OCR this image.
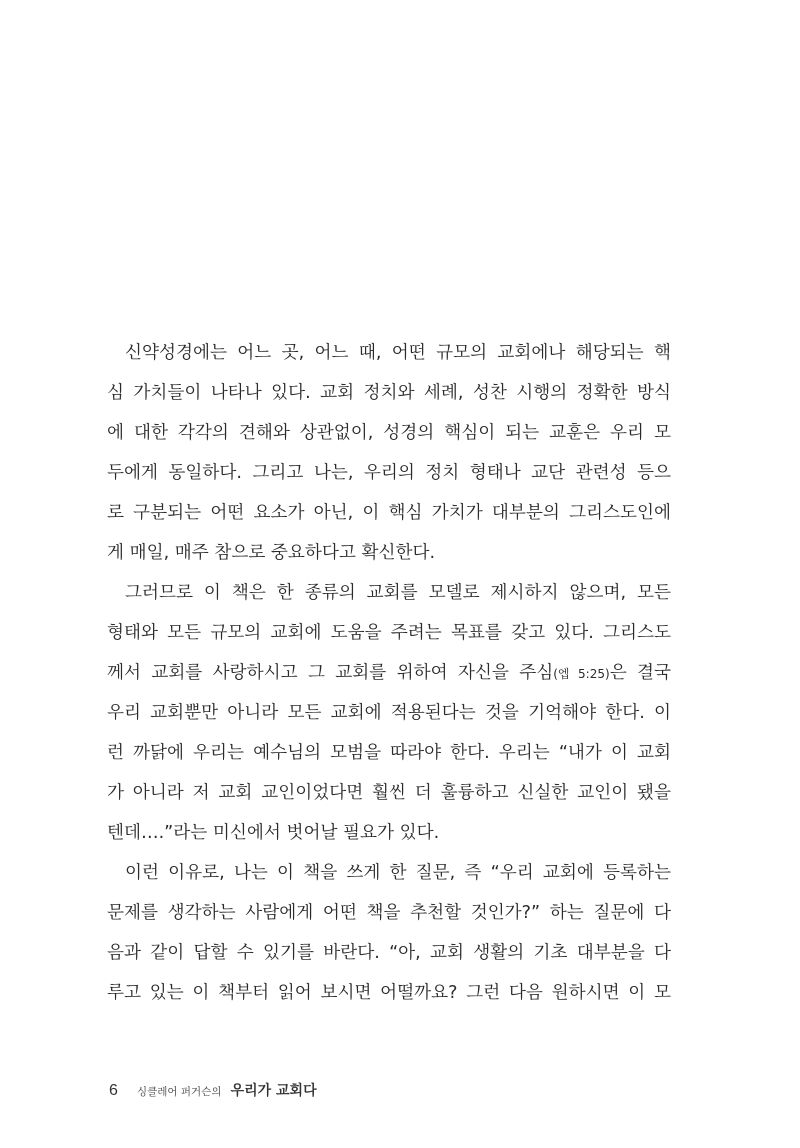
신약성경에는 어느 곳, 어느 때, 어떤 규모의 교회에나 해당되는 핵
심 가치들이 나타나 있다. 교회 정치와 세례, 성찬 시행의 정확한 방식
에 대한 각각의 견해와 상관없이, 성경의 핵심이 되는 교훈은 우리 모
두에게 동일하다. 그리고 나는, 우리의 정치 형태나 교단 관련성 등으
로 구분되는 어떤 요소가 아닌, 이 핵심 가치가 대부분의 그리스도인에
게 매일, 매주 참으로 중요하다고 확신한다.
그러므로 이 책은 한 종류의 교회를 모델로 제시하지 않으며, 모든
형태와 모든 규모의 교회에 도움을 주려는 목표를 갖고 있다. 그리스도
께서 교회를 사랑하시고 그 교회를 위하여 자신을 주심(엡 5:25)은 결국
우리 교회뿐만 아니라 모든 교회에 적용된다는 것을 기억해야 한다. 이
런 까닭에 우리는 예수님의 모범을 따라야 한다. 우리는 “내가 이 교회
가 아니라 저 교회 교인이었다면 훨씬 더 훌륭하고 신실한 교인이 됐을
텐데….”라는 미신에서 벗어날 필요가 있다.
이런 이유로, 나는 이 책을 쓰게 한 질문, 즉 “우리 교회에 등록하는
문제를 생각하는 사람에게 어떤 책을 추천할 것인가?” 하는 질문에 다
음과 같이 답할 수 있기를 바란다. “아, 교회 생활의 기초 대부분을 다
루고 있는 이 책부터 읽어 보시면 어떨까요? 그런 다음 원하시면 이 모
6 싱클레어 퍼거슨의 우리가 교회다
